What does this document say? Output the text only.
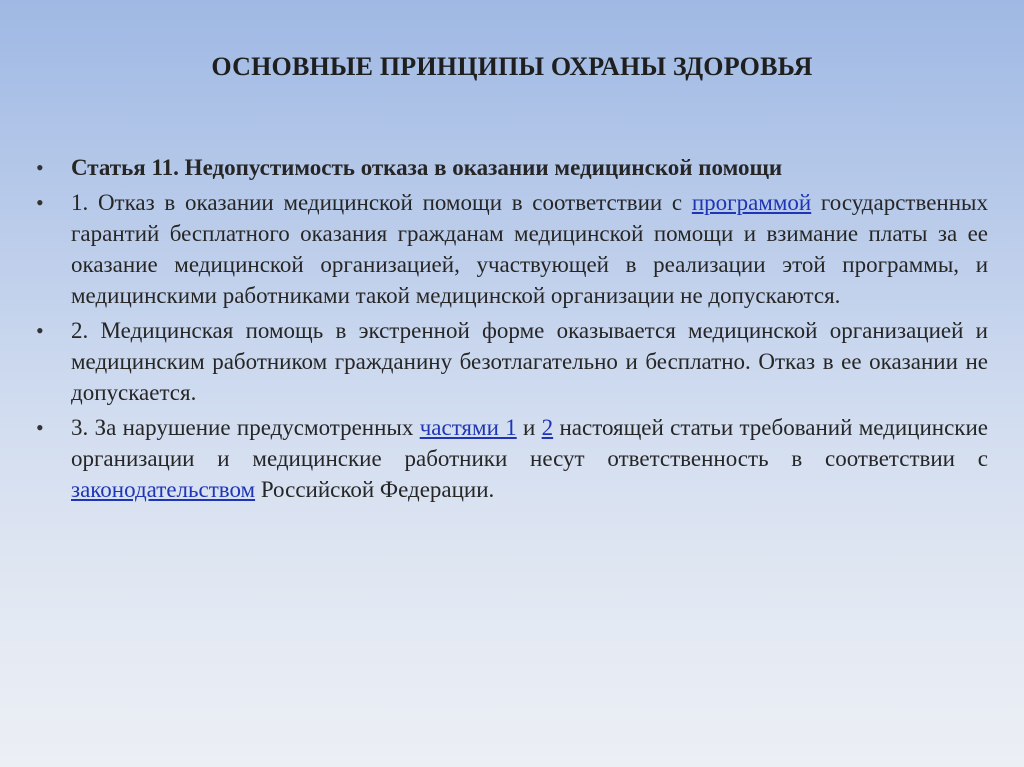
ОСНОВНЫЕ ПРИНЦИПЫ ОХРАНЫ ЗДОРОВЬЯ
•	Статья 11. Недопустимость отказа в оказании медицинской помощи
•	1. Отказ в оказании медицинской помощи в соответствии с программой государственных гарантий бесплатного оказания гражданам медицинской помощи и взимание платы за ее оказание медицинской организацией, участвующей в реализации этой программы, и медицинскими работниками такой медицинской организации не допускаются.
•	2. Медицинская помощь в экстренной форме оказывается медицинской организацией и медицинским работником гражданину безотлагательно и бесплатно. Отказ в ее оказании не допускается.
•	3. За нарушение предусмотренных частями 1 и 2 настоящей статьи требований медицинские организации и медицинские работники несут ответственность в соответствии с законодательством Российской Федерации.
